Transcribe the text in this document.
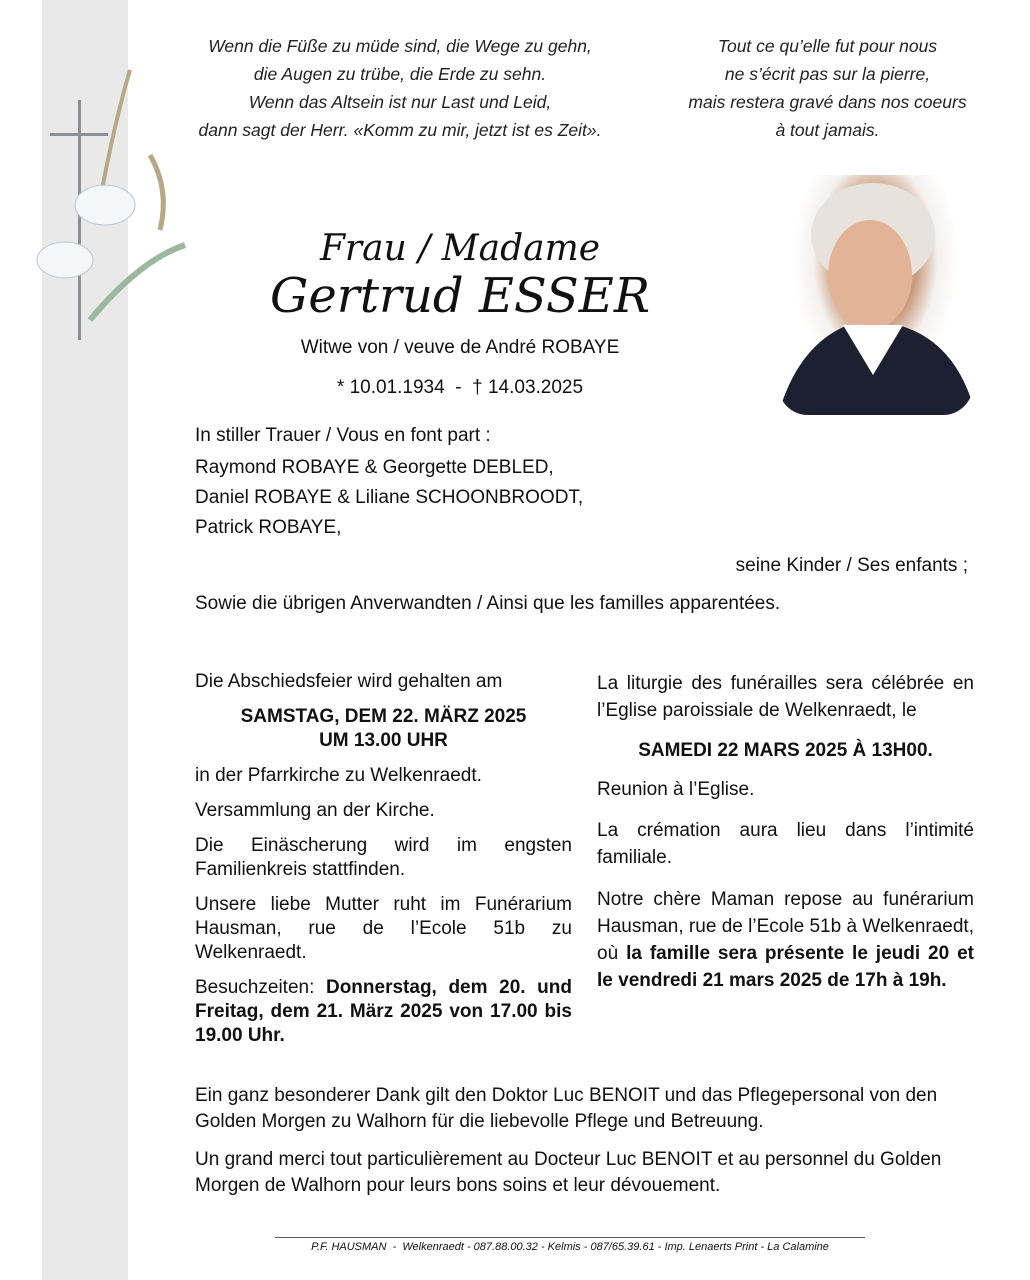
Wenn die Füße zu müde sind, die Wege zu gehn,
die Augen zu trübe, die Erde zu sehn.
Wenn das Altsein ist nur Last und Leid,
dann sagt der Herr. «Komm zu mir, jetzt ist es Zeit».
Tout ce qu’elle fut pour nous
ne s’écrit pas sur la pierre,
mais restera gravé dans nos coeurs
à tout jamais.
Frau / Madame
Gertrud ESSER
Witwe von / veuve de André ROBAYE
* 10.01.1934  -  † 14.03.2025
In stiller Trauer / Vous en font part :
Raymond ROBAYE & Georgette DEBLED,
Daniel ROBAYE & Liliane SCHOONBROODT,
Patrick ROBAYE,
seine Kinder / Ses enfants ;
Sowie die übrigen Anverwandten / Ainsi que les familles apparentées.

Die Abschiedsfeier wird gehalten am

SAMSTAG, DEM 22. MÄRZ 2025

UM 13.00 UHR

in der Pfarrkirche zu Welkenraedt.

Versammlung an der Kirche.

Die Einäscherung wird im engsten Familienkreis stattfinden.

Unsere liebe Mutter ruht im Funérarium Hausman, rue de l’Ecole 51b zu Welkenraedt.

Besuchzeiten: Donnerstag, dem 20. und Freitag, dem 21. März 2025 von 17.00 bis 19.00 Uhr.

La liturgie des funérailles sera célébrée en l’Eglise paroissiale de Welkenraedt, le

SAMEDI 22 MARS 2025 À 13H00.

Reunion à l’Eglise.

La crémation aura lieu dans l’intimité familiale.

Notre chère Maman repose au funérarium Hausman, rue de l’Ecole 51b à Welkenraedt, où la famille sera présente le jeudi 20 et le vendredi 21 mars 2025 de 17h à 19h.

Ein ganz besonderer Dank gilt den Doktor Luc BENOIT und das Pflegepersonal von den Golden Morgen zu Walhorn für die liebevolle Pflege und Betreuung.
Un grand merci tout particulièrement au Docteur Luc BENOIT et au personnel du Golden Morgen de Walhorn pour leurs bons soins et leur dévouement.
P.F. HAUSMAN  -  Welkenraedt - 087.88.00.32 - Kelmis - 087/65.39.61 - Imp. Lenaerts Print - La Calamine
